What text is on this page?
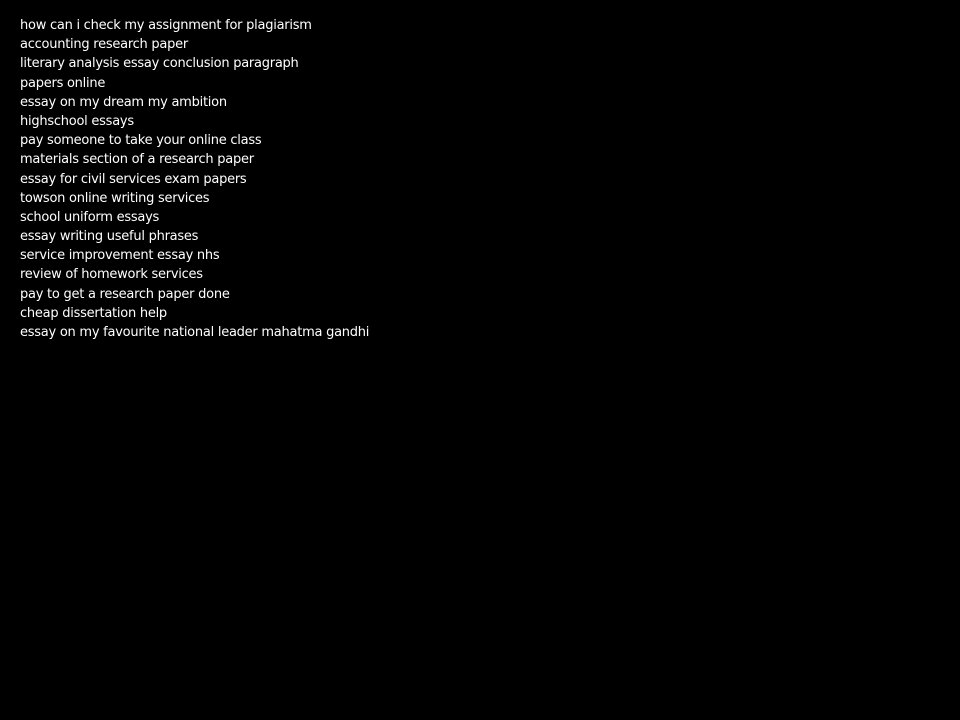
how can i check my assignment for plagiarism
accounting research paper
literary analysis essay conclusion paragraph
papers online
essay on my dream my ambition
highschool essays
pay someone to take your online class
materials section of a research paper
essay for civil services exam papers
towson online writing services
school uniform essays
essay writing useful phrases
service improvement essay nhs
review of homework services
pay to get a research paper done
cheap dissertation help
essay on my favourite national leader mahatma gandhi
